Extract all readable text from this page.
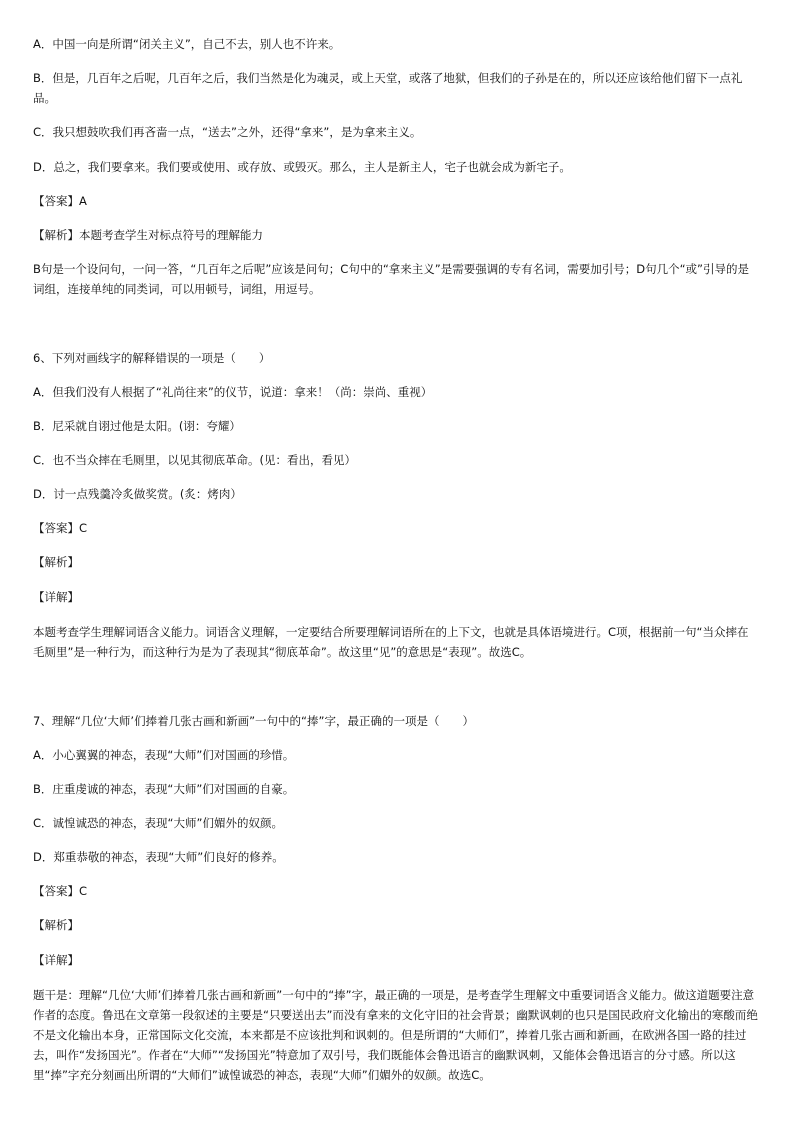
A．中国一向是所谓“闭关主义”，自己不去，别人也不许来。
B．但是，几百年之后呢，几百年之后，我们当然是化为魂灵，或上天堂，或落了地狱，但我们的子孙是在的，所以还应该给他们留下一点礼品。
C．我只想鼓吹我们再吝啬一点，“送去”之外，还得“拿来”，是为拿来主义。
D．总之，我们要拿来。我们要或使用、或存放、或毁灭。那么，主人是新主人，宅子也就会成为新宅子。
【答案】A
【解析】本题考查学生对标点符号的理解能力
B句是一个设问句，一问一答，“几百年之后呢”应该是问句；C句中的“拿来主义”是需要强调的专有名词，需要加引号；D句几个“或”引导的是词组，连接单纯的同类词，可以用顿号，词组，用逗号。
6、下列对画线字的解释错误的一项是（　　）
A．但我们没有人根据了“礼尚往来”的仪节，说道：拿来！（尚：崇尚、重视）
B．尼采就自诩过他是太阳。(诩：夸耀）
C．也不当众摔在毛厕里，以见其彻底革命。(见：看出，看见）
D．讨一点残羹冷炙做奖赏。(炙：烤肉）
【答案】C
【解析】
【详解】
本题考查学生理解词语含义能力。词语含义理解，一定要结合所要理解词语所在的上下文，也就是具体语境进行。C项，根据前一句“当众摔在毛厕里”是一种行为，而这种行为是为了表现其“彻底革命”。故这里“见”的意思是“表现”。故选C。
7、理解“几位‘大师’们捧着几张古画和新画”一句中的“捧”字，最正确的一项是（　　）
A．小心翼翼的神态，表现“大师”们对国画的珍惜。
B．庄重虔诚的神态，表现“大师”们对国画的自豪。
C．诚惶诚恐的神态，表现“大师”们媚外的奴颜。
D．郑重恭敬的神态，表现“大师”们良好的修养。
【答案】C
【解析】
【详解】
题干是：理解“几位‘大师’们捧着几张古画和新画”一句中的“捧”字，最正确的一项是，是考查学生理解文中重要词语含义能力。做这道题要注意作者的态度。鲁迅在文章第一段叙述的主要是“只要送出去”而没有拿来的文化守旧的社会背景；幽默讽刺的也只是国民政府文化输出的寒酸而绝不是文化输出本身，正常国际文化交流，本来都是不应该批判和讽刺的。但是所谓的“大师们”，捧着几张古画和新画，在欧洲各国一路的挂过去，叫作“发扬国光”。作者在“大师”“发扬国光”特意加了双引号，我们既能体会鲁迅语言的幽默讽刺，又能体会鲁迅语言的分寸感。所以这里“捧”字充分刻画出所谓的“大师们”诚惶诚恐的神态，表现“大师”们媚外的奴颜。故选C。
